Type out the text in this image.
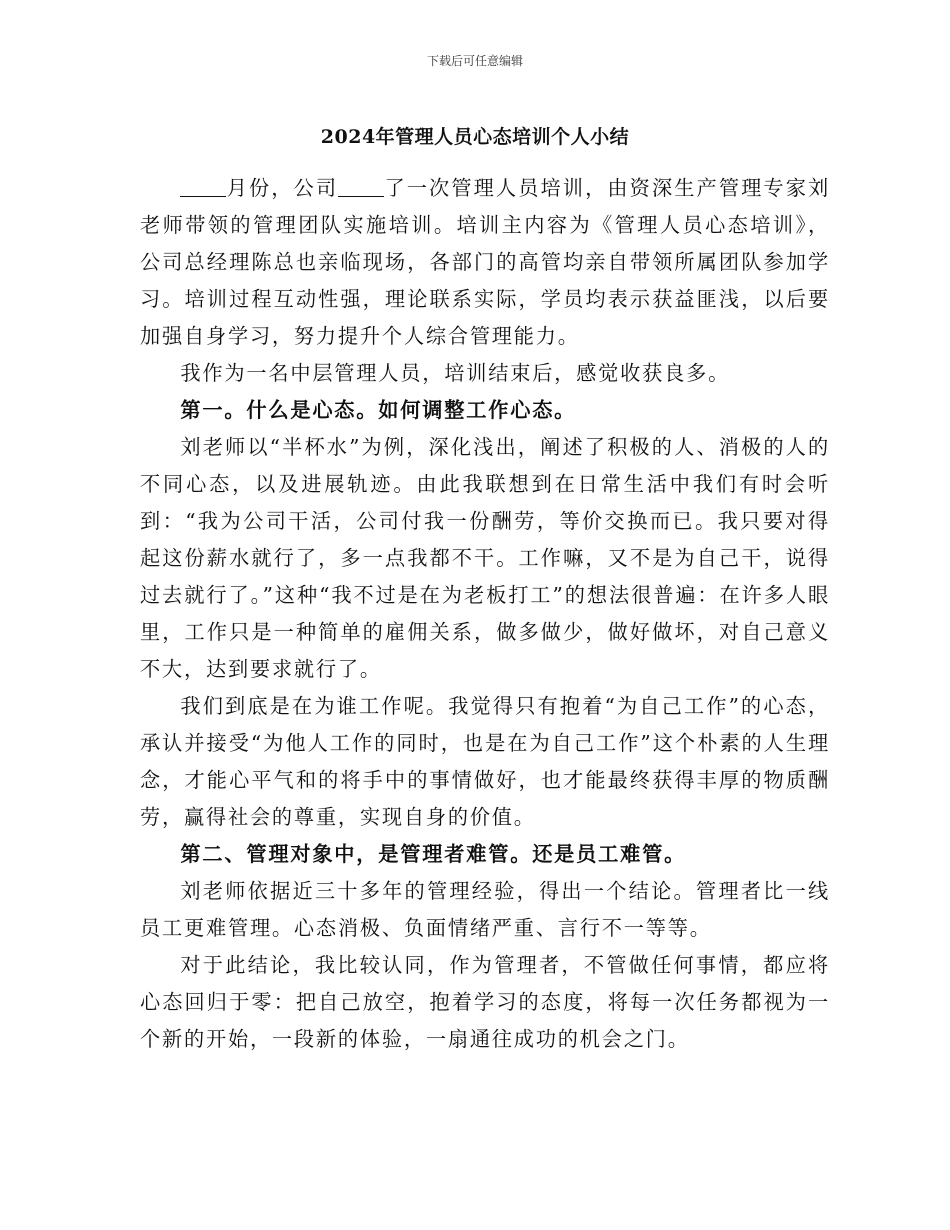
下载后可任意编辑
2024年管理人员心态培训个人小结

月份，公司 了一次管理人员培训，由资深生产管理专家刘老师带领的管理团队实施培训。培训主内容为《管理人员心态培训》，公司总经理陈总也亲临现场，各部门的高管均亲自带领所属团队参加学习。培训过程互动性强，理论联系实际，学员均表示获益匪浅，以后要加强自身学习，努力提升个人综合管理能力。

我作为一名中层管理人员，培训结束后，感觉收获良多。

第一。什么是心态。如何调整工作心态。

刘老师以“半杯水”为例，深化浅出，阐述了积极的人、消极的人的不同心态，以及进展轨迹。由此我联想到在日常生活中我们有时会听到：“我为公司干活，公司付我一份酬劳，等价交换而已。我只要对得起这份薪水就行了，多一点我都不干。工作嘛，又不是为自己干，说得过去就行了。”这种“我不过是在为老板打工”的想法很普遍：在许多人眼里，工作只是一种简单的雇佣关系，做多做少，做好做坏，对自己意义不大，达到要求就行了。

我们到底是在为谁工作呢。我觉得只有抱着“为自己工作”的心态，承认并接受“为他人工作的同时，也是在为自己工作”这个朴素的人生理念，才能心平气和的将手中的事情做好，也才能最终获得丰厚的物质酬劳，赢得社会的尊重，实现自身的价值。

第二、管理对象中，是管理者难管。还是员工难管。

刘老师依据近三十多年的管理经验，得出一个结论。管理者比一线员工更难管理。心态消极、负面情绪严重、言行不一等等。

对于此结论，我比较认同，作为管理者，不管做任何事情，都应将心态回归于零：把自己放空，抱着学习的态度，将每一次任务都视为一个新的开始，一段新的体验，一扇通往成功的机会之门。
